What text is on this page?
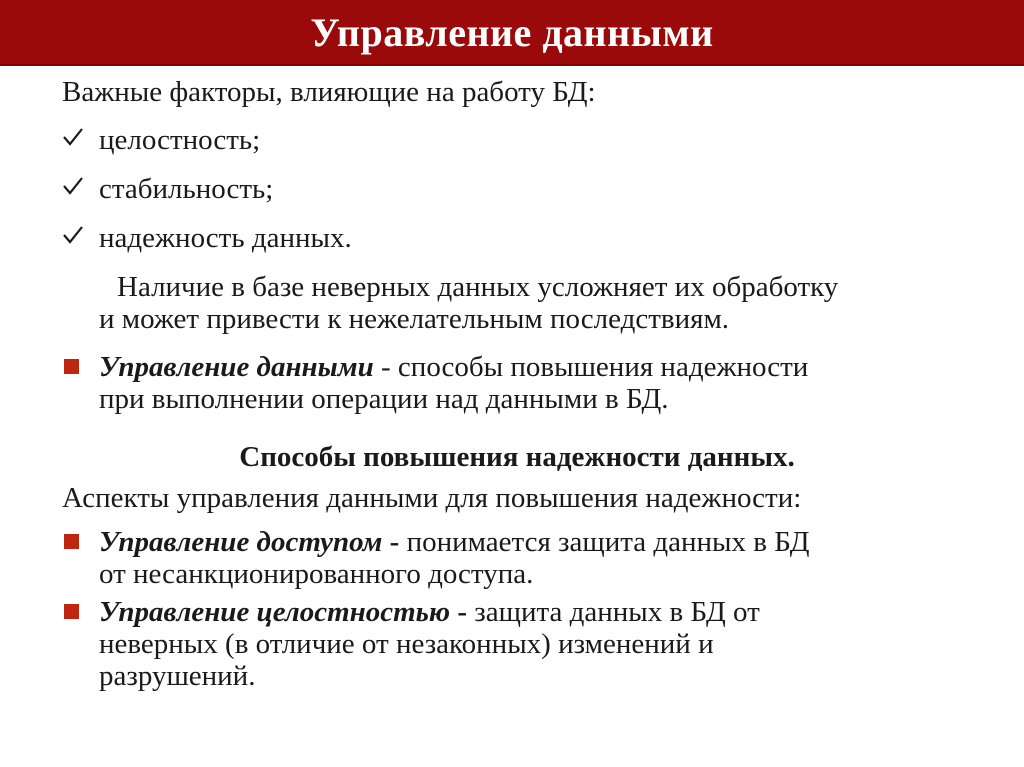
Управление данными
Важные факторы, влияющие на работу БД:
целостность;
стабильность;
надежность данных.
Наличие в базе неверных данных усложняет их обработку
и может привести к нежелательным последствиям.
Управление данными - способы повышения надежности
при выполнении операции над данными в БД.
Способы повышения надежности данных.
Аспекты управления данными для повышения надежности:
Управление доступом - понимается защита данных в БД
от несанкционированного доступа.
Управление целостностью - защита данных в БД от
неверных (в отличие от незаконных) изменений и
разрушений.
